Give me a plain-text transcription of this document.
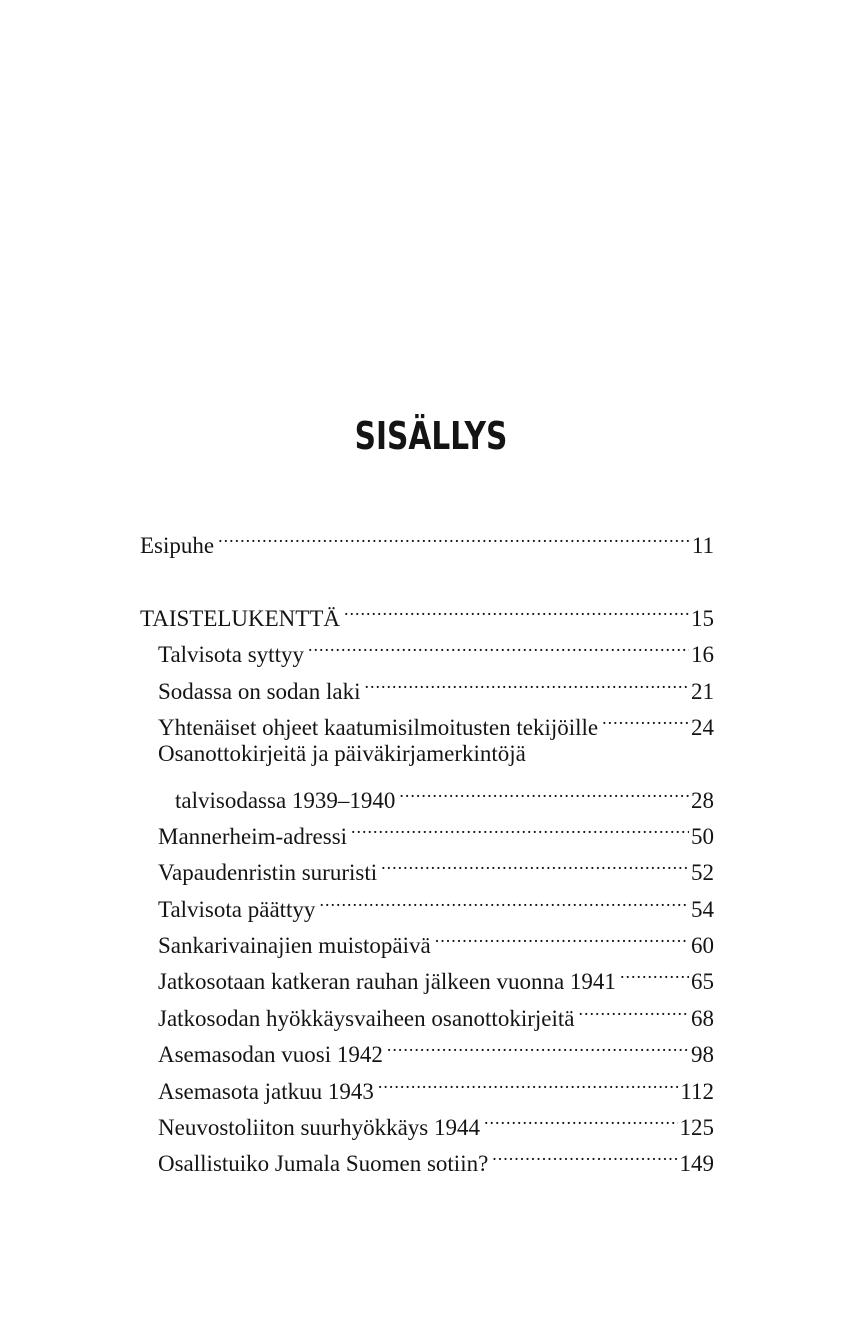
SISÄLLYS
Esipuhe .....	11
TAISTELUKENTTÄ .....	15
Talvisota syttyy .....	16
Sodassa on sodan laki .....	21
Yhtenäiset ohjeet kaatumisilmoitusten tekijöille .....	24
Osanottokirjeitä ja päiväkirjamerkintöjä
talvisodassa 1939–1940 .....	28
Mannerheim-adressi .....	50
Vapaudenristin sururisti .....	52
Talvisota päättyy .....	54
Sankarivainajien muistopäivä .....	60
Jatkosotaan katkeran rauhan jälkeen vuonna 1941 .....	65
Jatkosodan hyökkäysvaiheen osanottokirjeitä .....	68
Asemasodan vuosi 1942 .....	98
Asemasota jatkuu 1943 .....	112
Neuvostoliiton suurhyökkäys 1944 .....	125
Osallistuiko Jumala Suomen sotiin? .....	149
